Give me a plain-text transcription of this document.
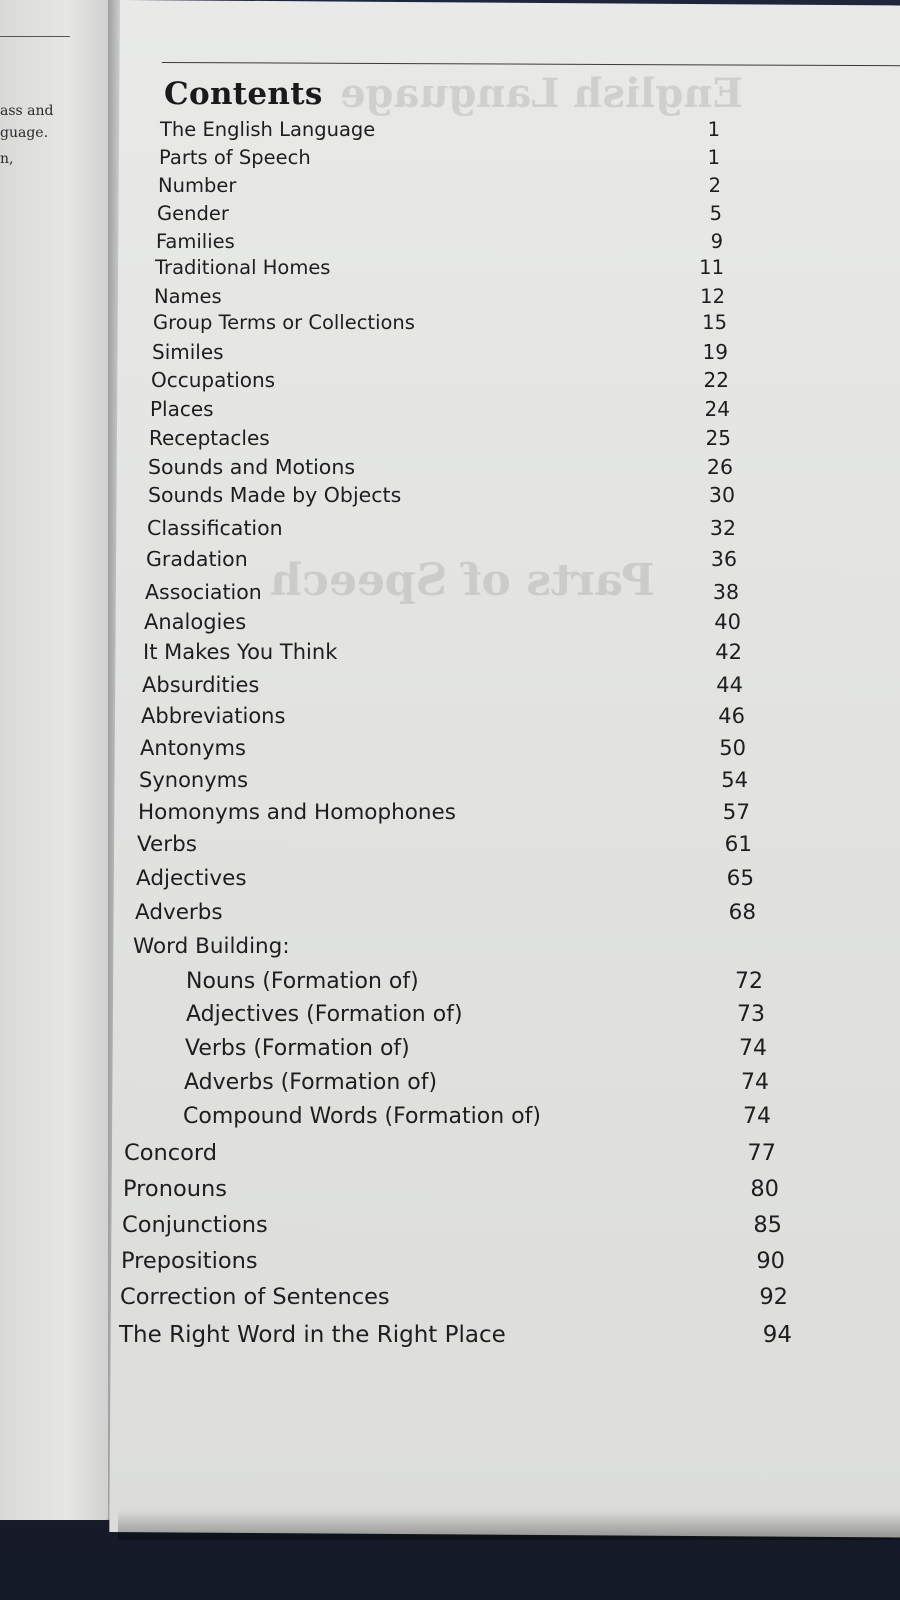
ass and
guage.
n,
English Language
Parts of Speech
Contents
The English Language	1
Parts of Speech	1
Number	2
Gender	5
Families	9
Traditional Homes	11
Names	12
Group Terms or Collections	15
Similes	19
Occupations	22
Places	24
Receptacles	25
Sounds and Motions	26
Sounds Made by Objects	30
Classification	32
Gradation	36
Association	38
Analogies	40
It Makes You Think	42
Absurdities	44
Abbreviations	46
Antonyms	50
Synonyms	54
Homonyms and Homophones	57
Verbs	61
Adjectives	65
Adverbs	68
Word Building:
Nouns (Formation of)	72
Adjectives (Formation of)	73
Verbs (Formation of)	74
Adverbs (Formation of)	74
Compound Words (Formation of)	74
Concord	77
Pronouns	80
Conjunctions	85
Prepositions	90
Correction of Sentences	92
The Right Word in the Right Place	94
